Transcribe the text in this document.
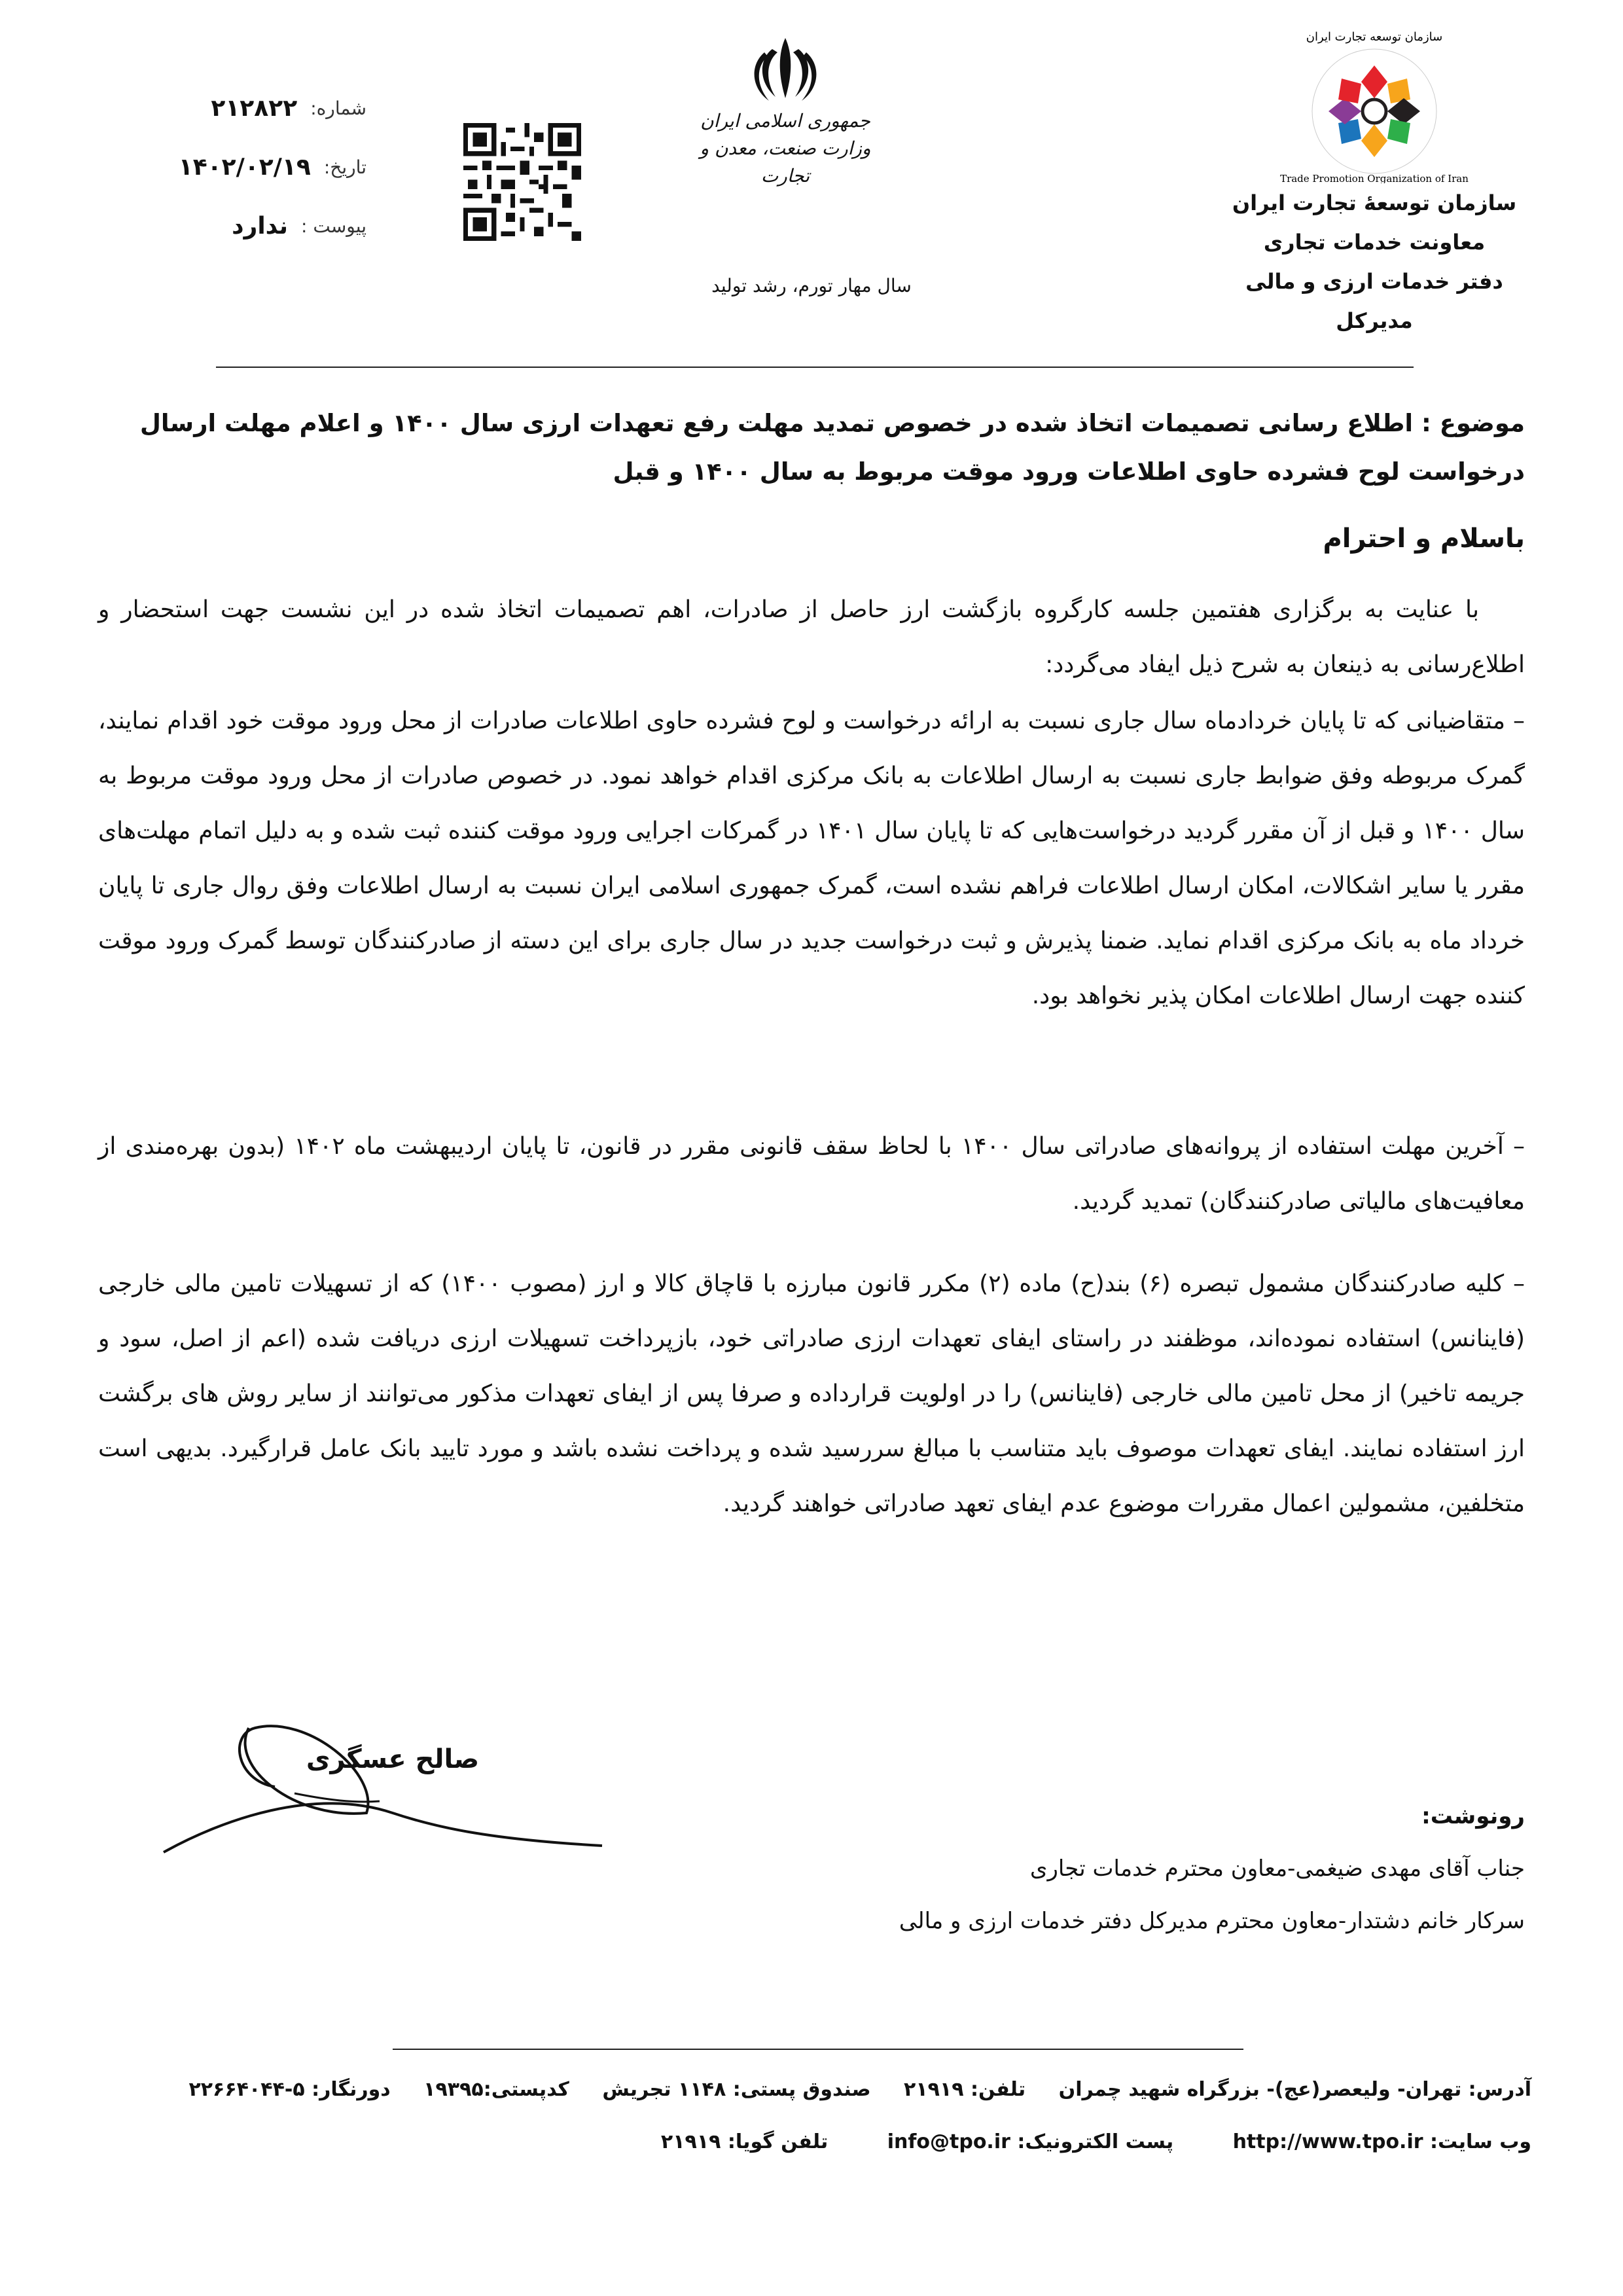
سازمان توسعه تجارت ایران
Trade Promotion Organization of Iran
سازمان توسعهٔ تجارت ایران
معاونت خدمات تجاری
دفتر خدمات ارزی و مالی
مدیرکل
جمهوری اسلامی ایران
وزارت صنعت، معدن و تجارت
سال مهار تورم، رشد تولید
شماره:
۲۱۲۸۲۲
تاریخ:
۱۴۰۲/۰۲/۱۹
پیوست :
ندارد
موضوع : اطلاع رسانی تصمیمات اتخاذ شده در خصوص تمدید مهلت رفع تعهدات ارزی سال ۱۴۰۰ و اعلام مهلت ارسال درخواست لوح فشرده حاوی اطلاعات ورود موقت مربوط به سال ۱۴۰۰ و قبل
باسلام و احترام
با عنایت به برگزاری هفتمین جلسه کارگروه بازگشت ارز حاصل از صادرات، اهم تصمیمات اتخاذ شده در این نشست جهت استحضار و اطلاع‌رسانی به ذینعان به شرح ذیل ایفاد می‌گردد:
– متقاضیانی که تا پایان خردادماه سال جاری نسبت به ارائه درخواست و لوح فشرده حاوی اطلاعات صادرات از محل ورود موقت خود اقدام نمایند، گمرک مربوطه وفق ضوابط جاری نسبت به ارسال اطلاعات به بانک مرکزی اقدام خواهد نمود. در خصوص صادرات از محل ورود موقت مربوط به سال ۱۴۰۰ و قبل از آن مقرر گردید درخواست‌هایی که تا پایان سال ۱۴۰۱ در گمرکات اجرایی ورود موقت کننده ثبت شده و به دلیل اتمام مهلت‌های مقرر یا سایر اشکالات، امکان ارسال اطلاعات فراهم نشده است، گمرک جمهوری اسلامی ایران نسبت به ارسال اطلاعات وفق روال جاری تا پایان خرداد ماه به بانک مرکزی اقدام نماید. ضمنا پذیرش و ثبت درخواست جدید در سال جاری برای این دسته از صادرکنندگان توسط گمرک ورود موقت کننده جهت ارسال اطلاعات امکان پذیر نخواهد بود.
– آخرین مهلت استفاده از پروانه‌های صادراتی سال ۱۴۰۰ با لحاظ سقف قانونی مقرر در قانون، تا پایان اردیبهشت ماه ۱۴۰۲ (بدون بهره‌مندی از معافیت‌های مالیاتی صادرکنندگان) تمدید گردید.
– کلیه صادرکنندگان مشمول تبصره (۶) بند(ح) ماده (۲) مکرر قانون مبارزه با قاچاق کالا و ارز (مصوب ۱۴۰۰) که از تسهیلات تامین مالی خارجی (فاینانس) استفاده نموده‌اند، موظفند در راستای ایفای تعهدات ارزی صادراتی خود، بازپرداخت تسهیلات ارزی دریافت شده (اعم از اصل، سود و جریمه تاخیر) از محل تامین مالی خارجی (فاینانس) را در اولویت قرارداده و صرفا پس از ایفای تعهدات مذکور می‌توانند از سایر روش های برگشت ارز استفاده نمایند. ایفای تعهدات موصوف باید متناسب با مبالغ سررسید شده و پرداخت نشده باشد و مورد تایید بانک عامل قرارگیرد. بدیهی است متخلفین، مشمولین اعمال مقررات موضوع عدم ایفای تعهد صادراتی خواهند گردید.
صالح عسگری
رونوشت:
جناب آقای مهدی ضیغمی-معاون محترم خدمات تجاری
سرکار خانم دشتدار-معاون محترم مدیرکل دفتر خدمات ارزی و مالی
آدرس: تهران- ولیعصر(عج)- بزرگراه شهید چمران تلفن: ۲۱۹۱۹ صندوق پستی: ۱۱۴۸ تجریش کدپستی:۱۹۳۹۵ دورنگار: ۵-۲۲۶۶۴۰۴۴
وب سایت: http://www.tpo.ir پست الکترونیک: info@tpo.ir تلفن گویا: ۲۱۹۱۹
